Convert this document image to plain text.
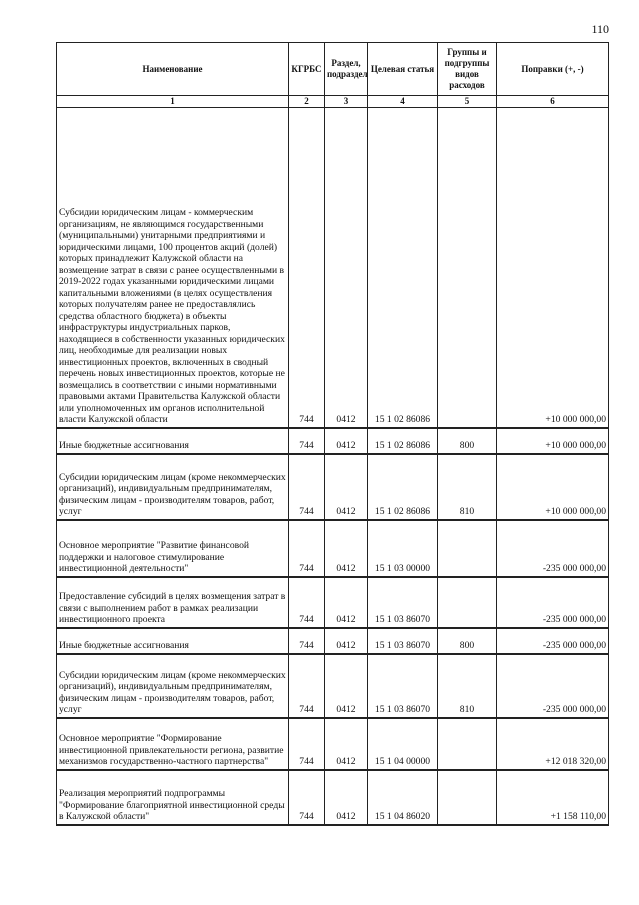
110
Наименование	КГРБС	Раздел, подраздел	Целевая статья	Группы и подгруппы видов расходов	Поправки (+, -)
1	2	3	4	5	6
Субсидии юридическим лицам - коммерческим организациям, не являющимся государственными (муниципальными) унитарными предприятиями и юридическими лицами, 100 процентов акций (долей) которых принадлежит Калужской области на возмещение затрат в связи с ранее осуществленными в 2019-2022 годах указанными юридическими лицами капитальными вложениями (в целях осуществления которых получателям ранее не предоставлялись средства областного бюджета) в объекты инфраструктуры индустриальных парков, находящиеся в собственности указанных юридических лиц, необходимые для реализации новых инвестиционных проектов, включенных в сводный перечень новых инвестиционных проектов, которые не возмещались в соответствии с иными нормативными правовыми актами Правительства Калужской области или уполномоченных им органов исполнительной власти Калужской области	744	0412	15 1 02 86086		+10 000 000,00
Иные бюджетные ассигнования	744	0412	15 1 02 86086	800	+10 000 000,00
Субсидии юридическим лицам (кроме некоммерческих организаций), индивидуальным предпринимателям, физическим лицам - производителям товаров, работ, услуг	744	0412	15 1 02 86086	810	+10 000 000,00
Основное мероприятие "Развитие финансовой поддержки и налоговое стимулирование инвестиционной деятельности"	744	0412	15 1 03 00000		-235 000 000,00
Предоставление субсидий в целях возмещения затрат в связи с выполнением работ в рамках реализации инвестиционного проекта	744	0412	15 1 03 86070		-235 000 000,00
Иные бюджетные ассигнования	744	0412	15 1 03 86070	800	-235 000 000,00
Субсидии юридическим лицам (кроме некоммерческих организаций), индивидуальным предпринимателям, физическим лицам - производителям товаров, работ, услуг	744	0412	15 1 03 86070	810	-235 000 000,00
Основное мероприятие "Формирование инвестиционной привлекательности региона, развитие механизмов государственно-частного партнерства"	744	0412	15 1 04 00000		+12 018 320,00
Реализация мероприятий подпрограммы "Формирование благоприятной инвестиционной среды в Калужской области"	744	0412	15 1 04 86020		+1 158 110,00
